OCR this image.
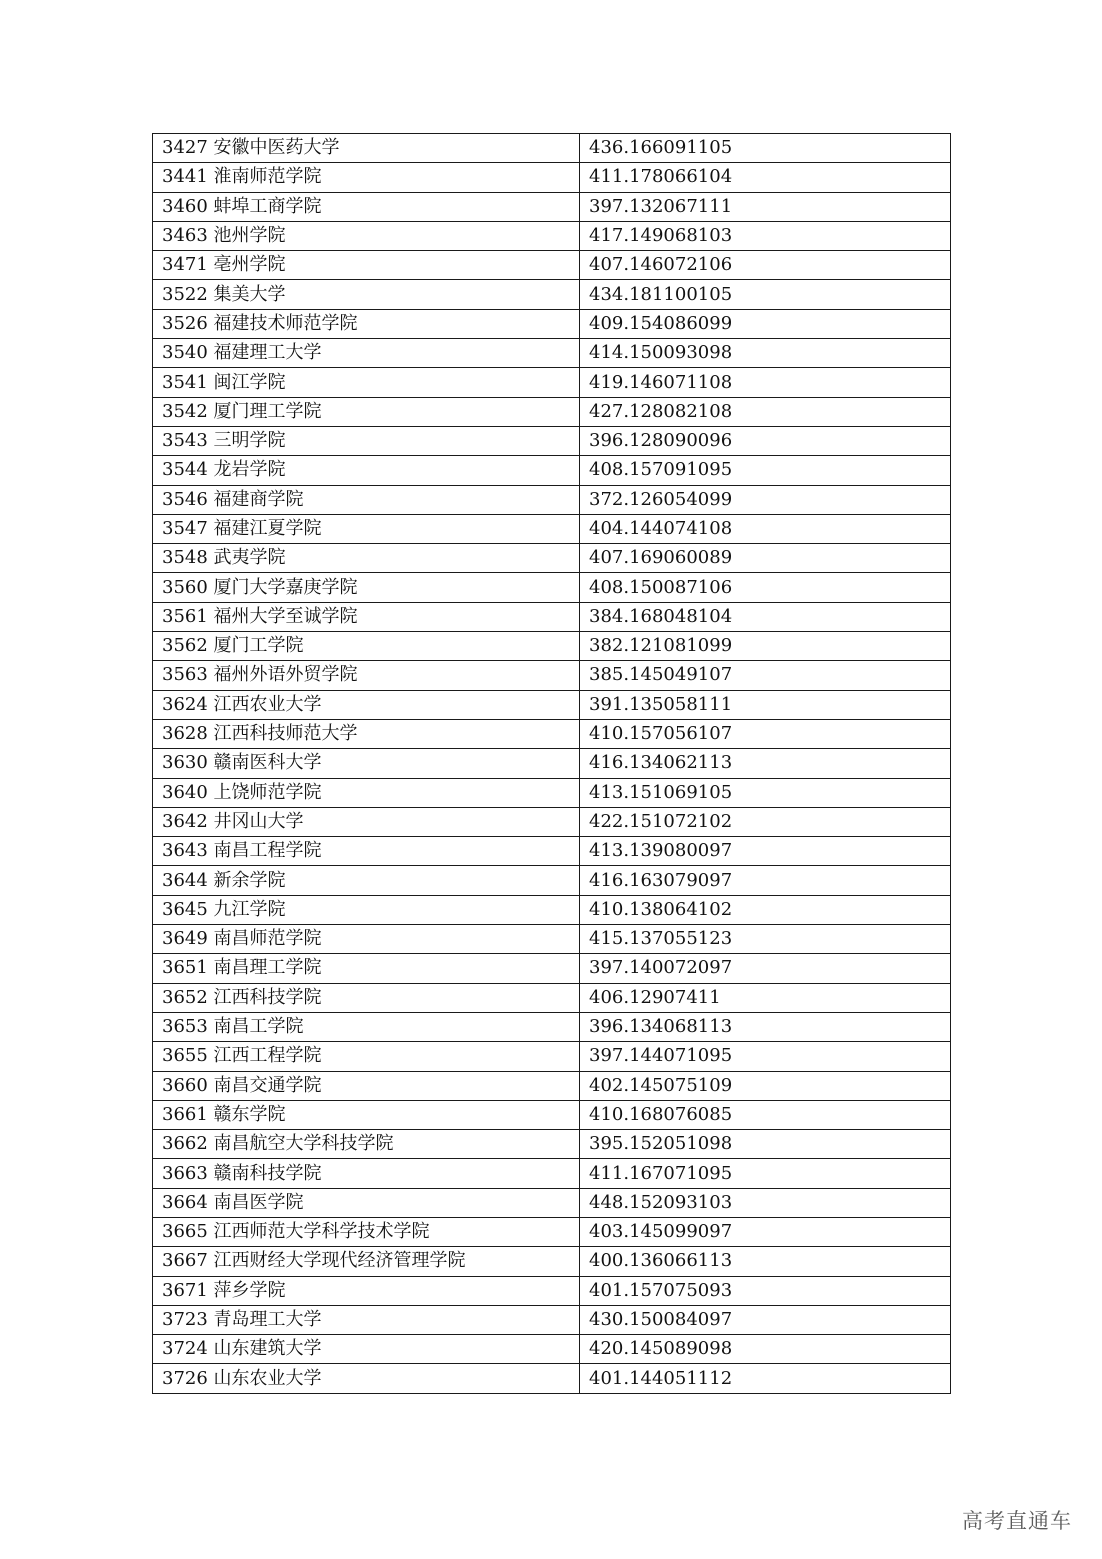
3427 安徽中医药大学	436.166091105
3441 淮南师范学院	411.178066104
3460 蚌埠工商学院	397.132067111
3463 池州学院	417.149068103
3471 亳州学院	407.146072106
3522 集美大学	434.181100105
3526 福建技术师范学院	409.154086099
3540 福建理工大学	414.150093098
3541 闽江学院	419.146071108
3542 厦门理工学院	427.128082108
3543 三明学院	396.128090096
3544 龙岩学院	408.157091095
3546 福建商学院	372.126054099
3547 福建江夏学院	404.144074108
3548 武夷学院	407.169060089
3560 厦门大学嘉庚学院	408.150087106
3561 福州大学至诚学院	384.168048104
3562 厦门工学院	382.121081099
3563 福州外语外贸学院	385.145049107
3624 江西农业大学	391.135058111
3628 江西科技师范大学	410.157056107
3630 赣南医科大学	416.134062113
3640 上饶师范学院	413.151069105
3642 井冈山大学	422.151072102
3643 南昌工程学院	413.139080097
3644 新余学院	416.163079097
3645 九江学院	410.138064102
3649 南昌师范学院	415.137055123
3651 南昌理工学院	397.140072097
3652 江西科技学院	406.12907411
3653 南昌工学院	396.134068113
3655 江西工程学院	397.144071095
3660 南昌交通学院	402.145075109
3661 赣东学院	410.168076085
3662 南昌航空大学科技学院	395.152051098
3663 赣南科技学院	411.167071095
3664 南昌医学院	448.152093103
3665 江西师范大学科学技术学院	403.145099097
3667 江西财经大学现代经济管理学院	400.136066113
3671 萍乡学院	401.157075093
3723 青岛理工大学	430.150084097
3724 山东建筑大学	420.145089098
3726 山东农业大学	401.144051112
高考直通车
